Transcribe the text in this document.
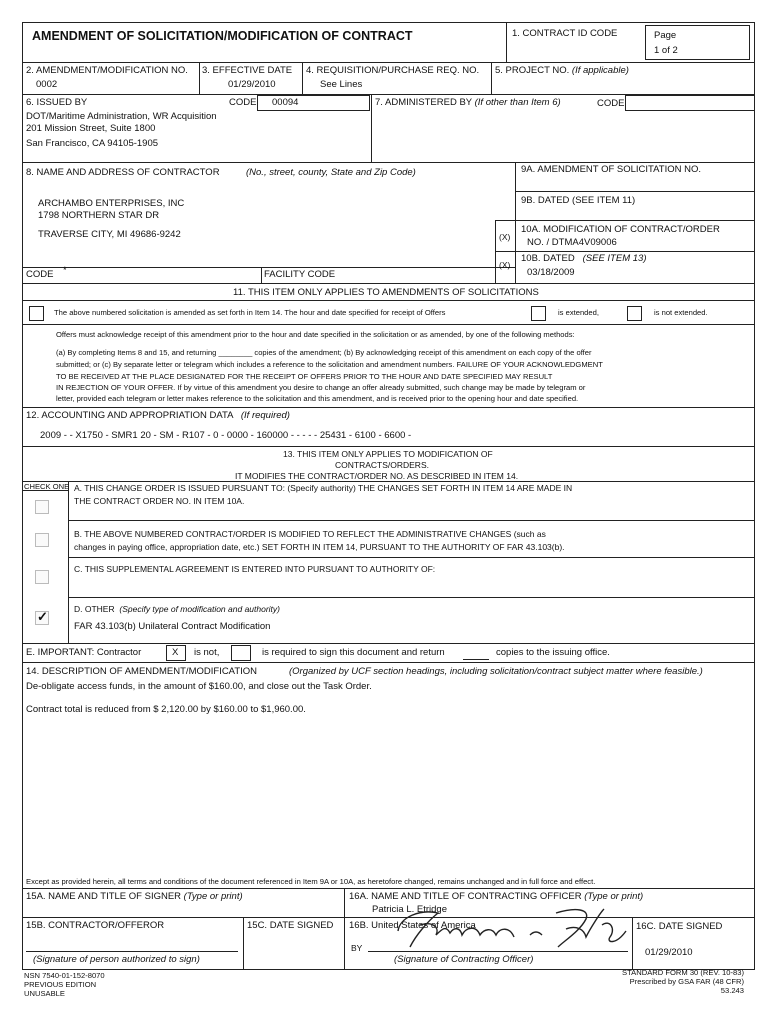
AMENDMENT OF SOLICITATION/MODIFICATION OF CONTRACT	1. CONTRACT ID CODE	Page
1 of 2
2. AMENDMENT/MODIFICATION NO.
0002
3. EFFECTIVE DATE
01/29/2010
4. REQUISITION/PURCHASE REQ. NO.
See Lines
5. PROJECT NO. (If applicable)
6. ISSUED BY	CODE 00094
DOT/Maritime Administration, WR Acquisition
201 Mission Street, Suite 1800
San Francisco, CA 94105-1905
7. ADMINISTERED BY (If other than Item 6)	CODE
8. NAME AND ADDRESS OF CONTRACTOR	(No., street, county, State and Zip Code)
ARCHAMBO ENTERPRISES, INC
1798 NORTHERN STAR DR
TRAVERSE CITY, MI 49686-9242
CODE *	FACILITY CODE
9A. AMENDMENT OF SOLICITATION NO.
9B. DATED (SEE ITEM 11)
(X)
10A. MODIFICATION OF CONTRACT/ORDER
NO. / DTMA4V09006
(X)
10B. DATED (SEE ITEM 13)
03/18/2009
11. THIS ITEM ONLY APPLIES TO AMENDMENTS OF SOLICITATIONS
The above numbered solicitation is amended as set forth in Item 14. The hour and date specified for receipt of Offers	is extended,	is not extended.
Offers must acknowledge receipt of this amendment prior to the hour and date specified in the solicitation or as amended, by one of the following methods:
(a) By completing Items 8 and 15, and returning ________ copies of the amendment; (b) By acknowledging receipt of this amendment on each copy of the offer
submitted; or (c) By separate letter or telegram which includes a reference to the solicitation and amendment numbers. FAILURE OF YOUR ACKNOWLEDGMENT
TO BE RECEIVED AT THE PLACE DESIGNATED FOR THE RECEIPT OF OFFERS PRIOR TO THE HOUR AND DATE SPECIFIED MAY RESULT
IN REJECTION OF YOUR OFFER. If by virtue of this amendment you desire to change an offer already submitted, such change may be made by telegram or
letter, provided each telegram or letter makes reference to the solicitation and this amendment, and is received prior to the opening hour and date specified.
12. ACCOUNTING AND APPROPRIATION DATA (If required)
2009 - - X1750 - SMR1 20 - SM - R107 - 0 - 0000 - 160000 - - - - - 25431 - 6100 - 6600 -
13. THIS ITEM ONLY APPLIES TO MODIFICATION OF
CONTRACTS/ORDERS.
IT MODIFIES THE CONTRACT/ORDER NO. AS DESCRIBED IN ITEM 14.
CHECK ONE A. THIS CHANGE ORDER IS ISSUED PURSUANT TO: (Specify authority) THE CHANGES SET FORTH IN ITEM 14 ARE MADE IN
THE CONTRACT ORDER NO. IN ITEM 10A.
B. THE ABOVE NUMBERED CONTRACT/ORDER IS MODIFIED TO REFLECT THE ADMINISTRATIVE CHANGES (such as
changes in paying office, appropriation date, etc.) SET FORTH IN ITEM 14, PURSUANT TO THE AUTHORITY OF FAR 43.103(b).
C. THIS SUPPLEMENTAL AGREEMENT IS ENTERED INTO PURSUANT TO AUTHORITY OF:
✓	D. OTHER (Specify type of modification and authority)
FAR 43.103(b) Unilateral Contract Modification
E. IMPORTANT: Contractor	X is not,	is required to sign this document and return	copies to the issuing office.
14. DESCRIPTION OF AMENDMENT/MODIFICATION	(Organized by UCF section headings, including solicitation/contract subject matter where feasible.)
De-obligate access funds, in the amount of $160.00, and close out the Task Order.
Contract total is reduced from $ 2,120.00 by $160.00 to $1,960.00.
Except as provided herein, all terms and conditions of the document referenced in Item 9A or 10A, as heretofore changed, remains unchanged and in full force and effect.
15A. NAME AND TITLE OF SIGNER (Type or print)	16A. NAME AND TITLE OF CONTRACTING OFFICER (Type or print)
Patricia L. Etridge
15B. CONTRACTOR/OFFEROR	15C. DATE SIGNED 16B. United States of America	16C. DATE SIGNED
01/29/2010
BY
(Signature of person authorized to sign)	(Signature of Contracting Officer)
NSN 7540-01-152-8070
PREVIOUS EDITION
UNUSABLE
STANDARD FORM 30 (REV. 10-83)
Prescribed by GSA FAR (48 CFR)
53.243
